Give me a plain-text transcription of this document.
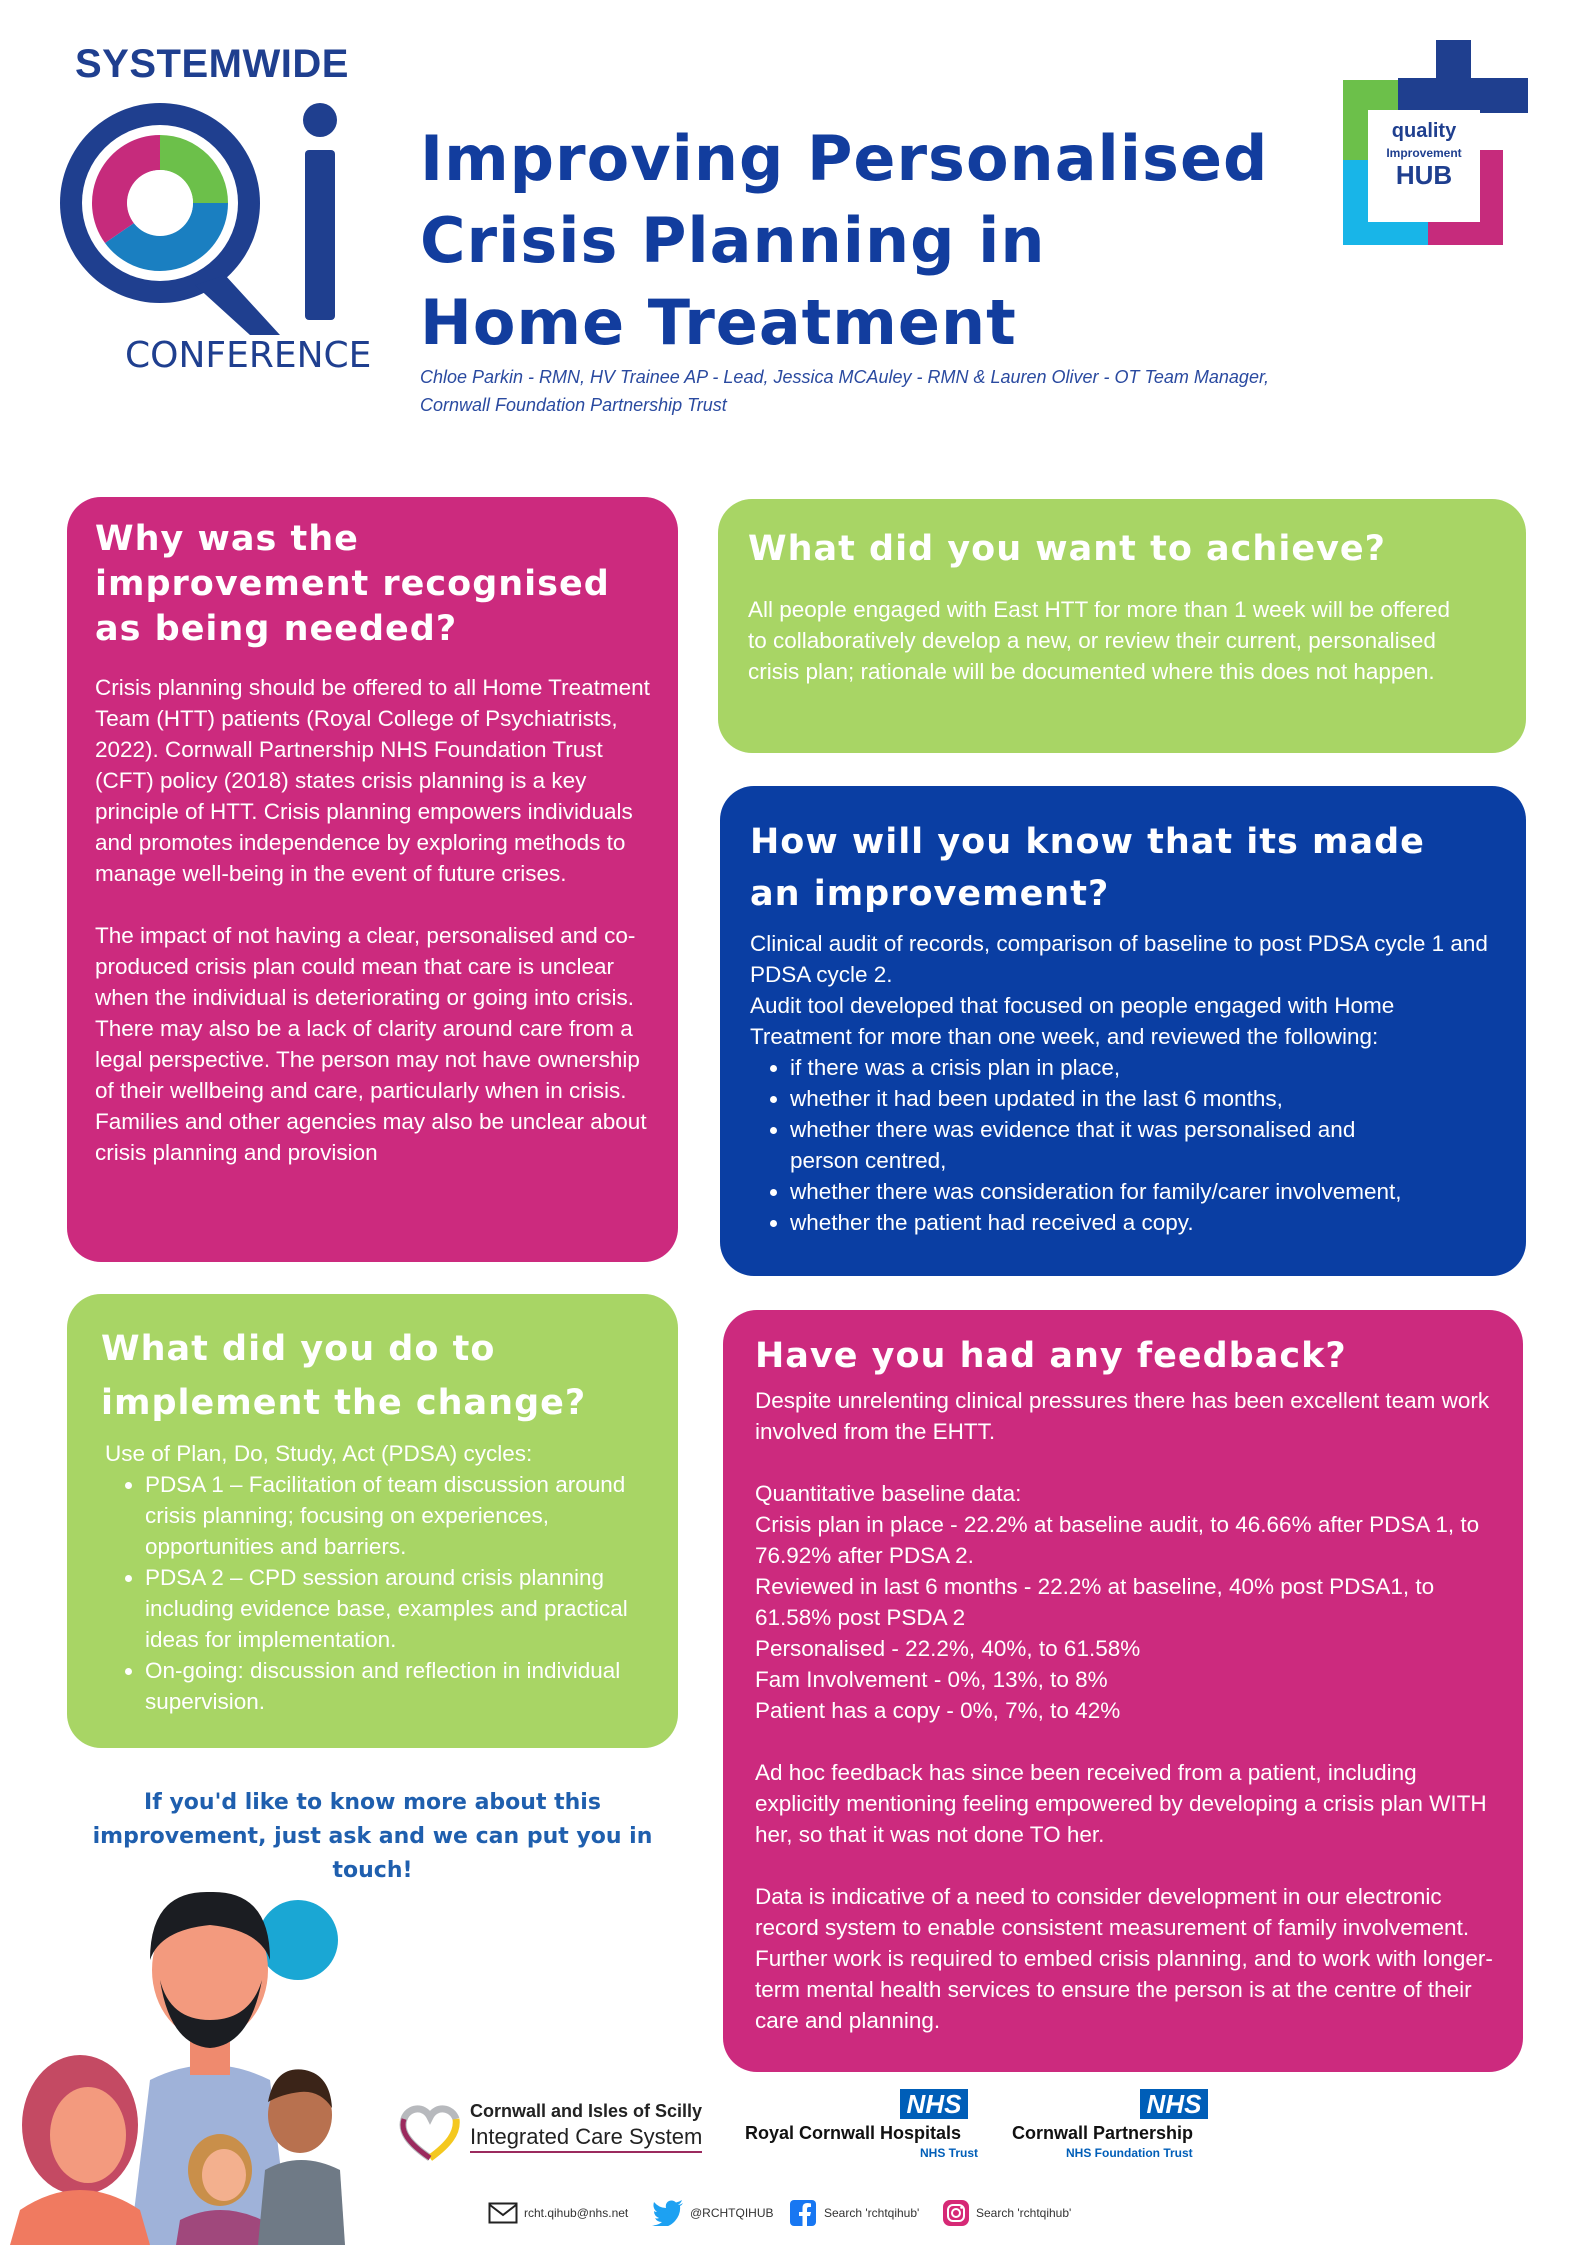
SYSTEMWIDE
CONFERENCE
Improving Personalised
Crisis Planning in
Home Treatment
Chloe Parkin - RMN, HV Trainee AP - Lead, Jessica MCAuley - RMN & Lauren Oliver - OT Team Manager,
Cornwall Foundation Partnership Trust
quality
Improvement
HUB
Why was the improvement recognised as being needed?
Crisis planning should be offered to all Home Treatment Team (HTT) patients (Royal College of Psychiatrists, 2022). Cornwall Partnership NHS Foundation Trust (CFT) policy (2018) states crisis planning is a key principle of HTT. Crisis planning empowers individuals and promotes independence by exploring methods to manage well-being in the event of future crises.
The impact of not having a clear, personalised and co-produced crisis plan could mean that care is unclear when the individual is deteriorating or going into crisis. There may also be a lack of clarity around care from a legal perspective. The person may not have ownership of their wellbeing and care, particularly when in crisis. Families and other agencies may also be unclear about crisis planning and provision
What did you want to achieve?
All people engaged with East HTT for more than 1 week will be offered to collaboratively develop a new, or review their current, personalised crisis plan; rationale will be documented where this does not happen.
How will you know that its made an improvement?
Clinical audit of records, comparison of baseline to post PDSA cycle 1 and PDSA cycle 2.
Audit tool developed that focused on people engaged with Home Treatment for more than one week, and reviewed the following:
• if there was a crisis plan in place,
• whether it had been updated in the last 6 months,
• whether there was evidence that it was personalised and person centred,
• whether there was consideration for family/carer involvement,
• whether the patient had received a copy.
What did you do to implement the change?
Use of Plan, Do, Study, Act (PDSA) cycles:
• PDSA 1 – Facilitation of team discussion around crisis planning; focusing on experiences, opportunities and barriers.
• PDSA 2 – CPD session around crisis planning including evidence base, examples and practical ideas for implementation.
• On-going: discussion and reflection in individual supervision.
Have you had any feedback?
Despite unrelenting clinical pressures there has been excellent team work involved from the EHTT.
Quantitative baseline data:
Crisis plan in place - 22.2% at baseline audit, to 46.66% after PDSA 1, to 76.92% after PDSA 2.
Reviewed in last 6 months - 22.2% at baseline, 40% post PDSA1, to 61.58% post PSDA 2
Personalised - 22.2%, 40%, to 61.58%
Fam Involvement - 0%, 13%, to 8%
Patient has a copy - 0%, 7%, to 42%
Ad hoc feedback has since been received from a patient, including explicitly mentioning feeling empowered by developing a crisis plan WITH her, so that it was not done TO her.
Data is indicative of a need to consider development in our electronic record system to enable consistent measurement of family involvement. Further work is required to embed crisis planning, and to work with longer-term mental health services to ensure the person is at the centre of their care and planning.
If you'd like to know more about this improvement, just ask and we can put you in touch!
Cornwall and Isles of Scilly
Integrated Care System
NHS
Royal Cornwall Hospitals
NHS Trust
NHS
Cornwall Partnership
NHS Foundation Trust
rcht.qihub@nhs.net	@RCHTQIHUB	Search 'rchtqihub'	Search 'rchtqihub'
